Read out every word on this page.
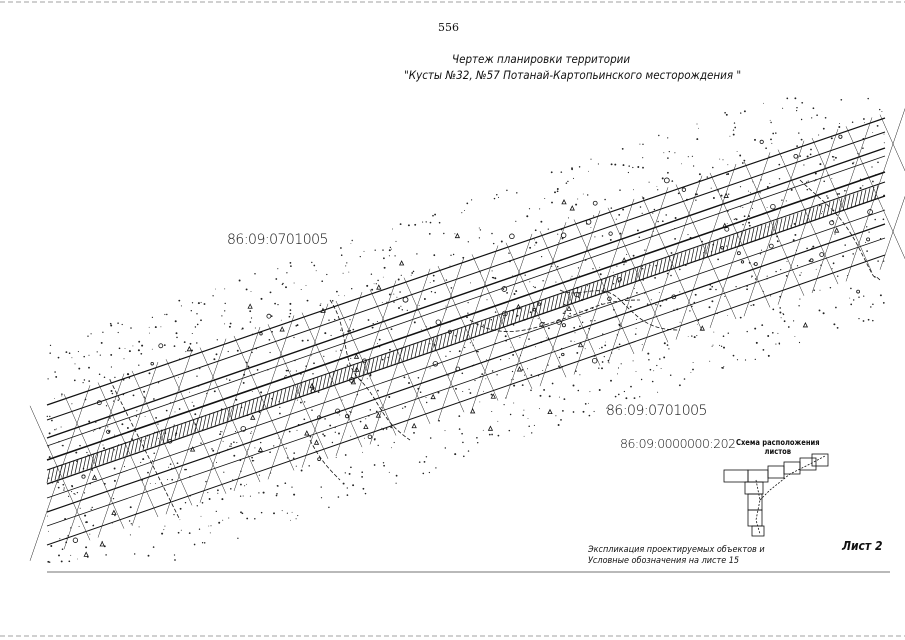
556
Чертеж планировки территории
"Кусты №32, №57 Потанай-Картопьинского месторождения "
86:09:0701005
86:09:0701005
86:09:0000000:202 Схема расположения
листов
Экспликация проектируемых объектов и
Условные обозначения на листе 15
Лист 2
